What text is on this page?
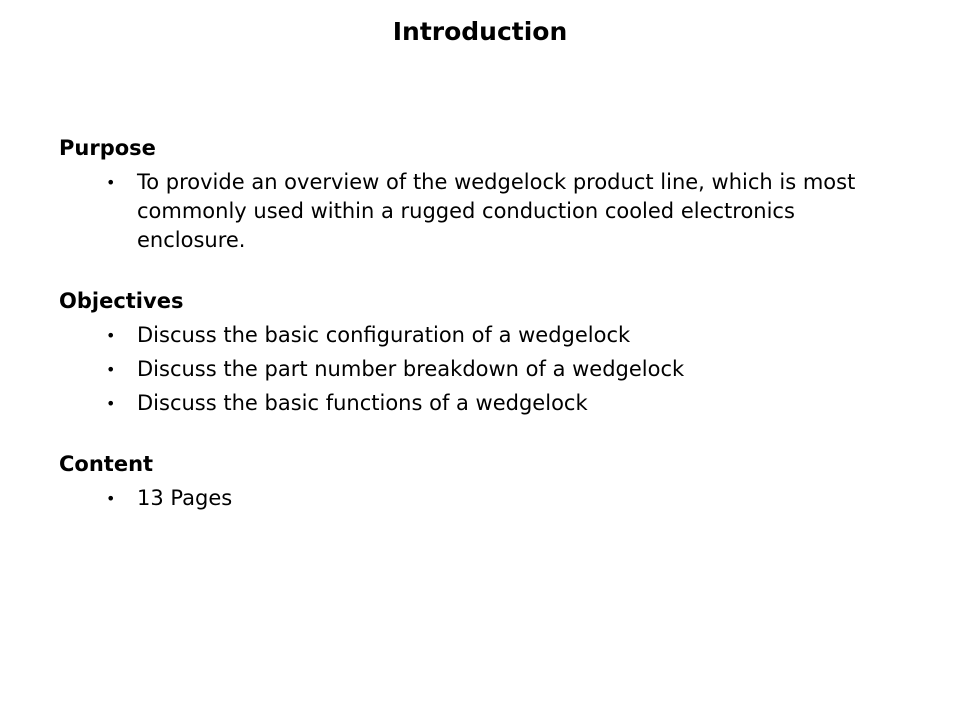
Introduction
Purpose
• To provide an overview of the wedgelock product line, which is most commonly used within a rugged conduction cooled electronics enclosure.
Objectives
• Discuss the basic configuration of a wedgelock
• Discuss the part number breakdown of a wedgelock
• Discuss the basic functions of a wedgelock
Content
• 13 Pages
